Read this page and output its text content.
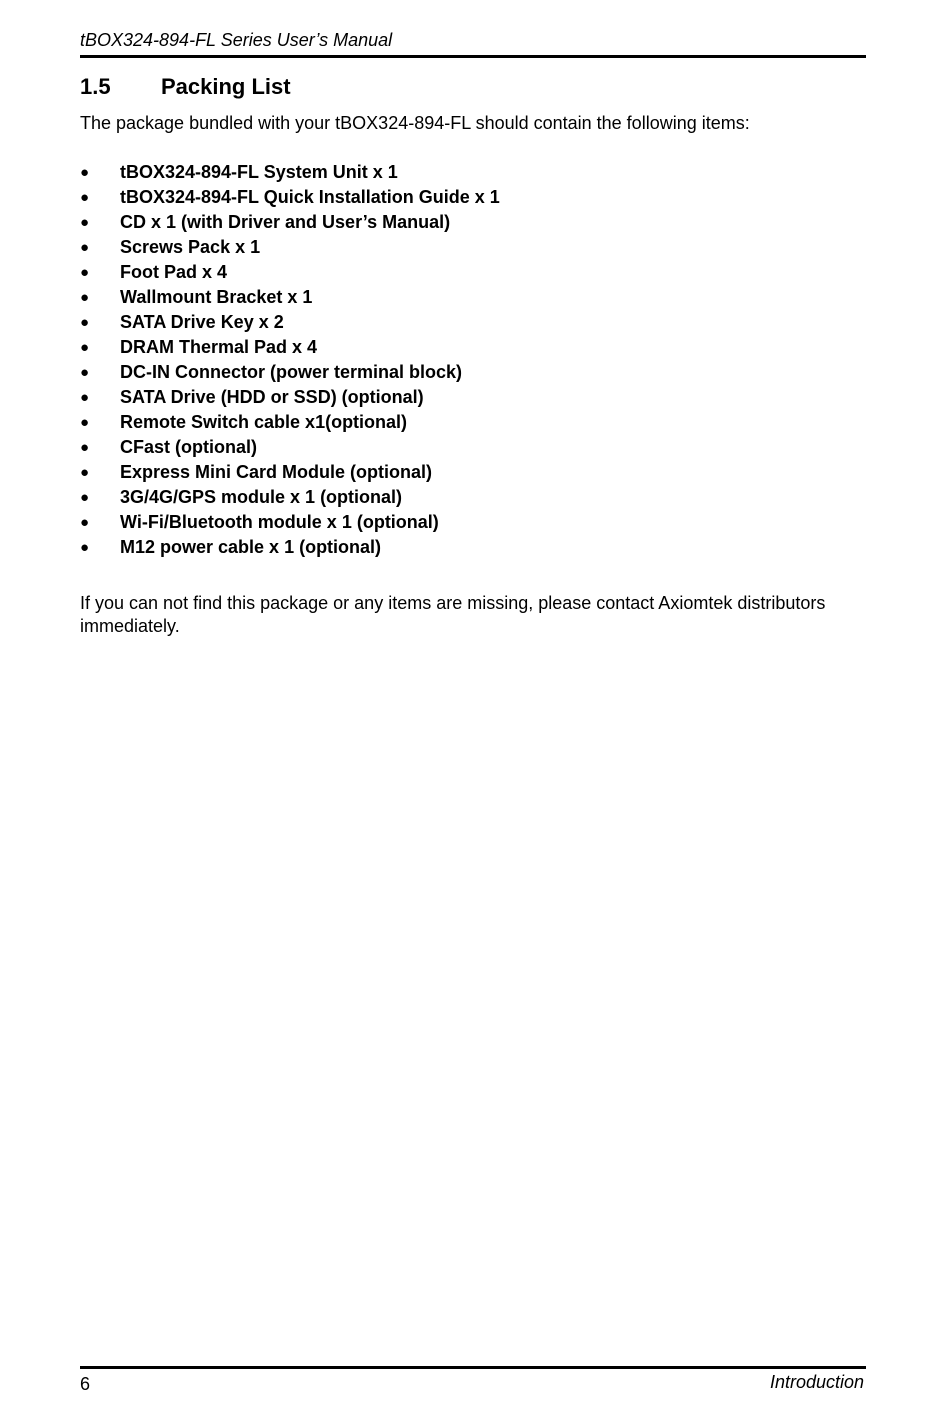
tBOX324-894-FL Series User’s Manual
1.5 Packing List
The package bundled with your tBOX324-894-FL should contain the following items:
● tBOX324-894-FL System Unit x 1
● tBOX324-894-FL Quick Installation Guide x 1
● CD x 1 (with Driver and User’s Manual)
● Screws Pack x 1
● Foot Pad x 4
● Wallmount Bracket x 1
● SATA Drive Key x 2
● DRAM Thermal Pad x 4
● DC-IN Connector (power terminal block)
● SATA Drive (HDD or SSD) (optional)
● Remote Switch cable x1(optional)
● CFast (optional)
● Express Mini Card Module (optional)
● 3G/4G/GPS module x 1 (optional)
● Wi-Fi/Bluetooth module x 1 (optional)
● M12 power cable x 1 (optional)
If you can not find this package or any items are missing, please contact Axiomtek distributors immediately.
6	Introduction
